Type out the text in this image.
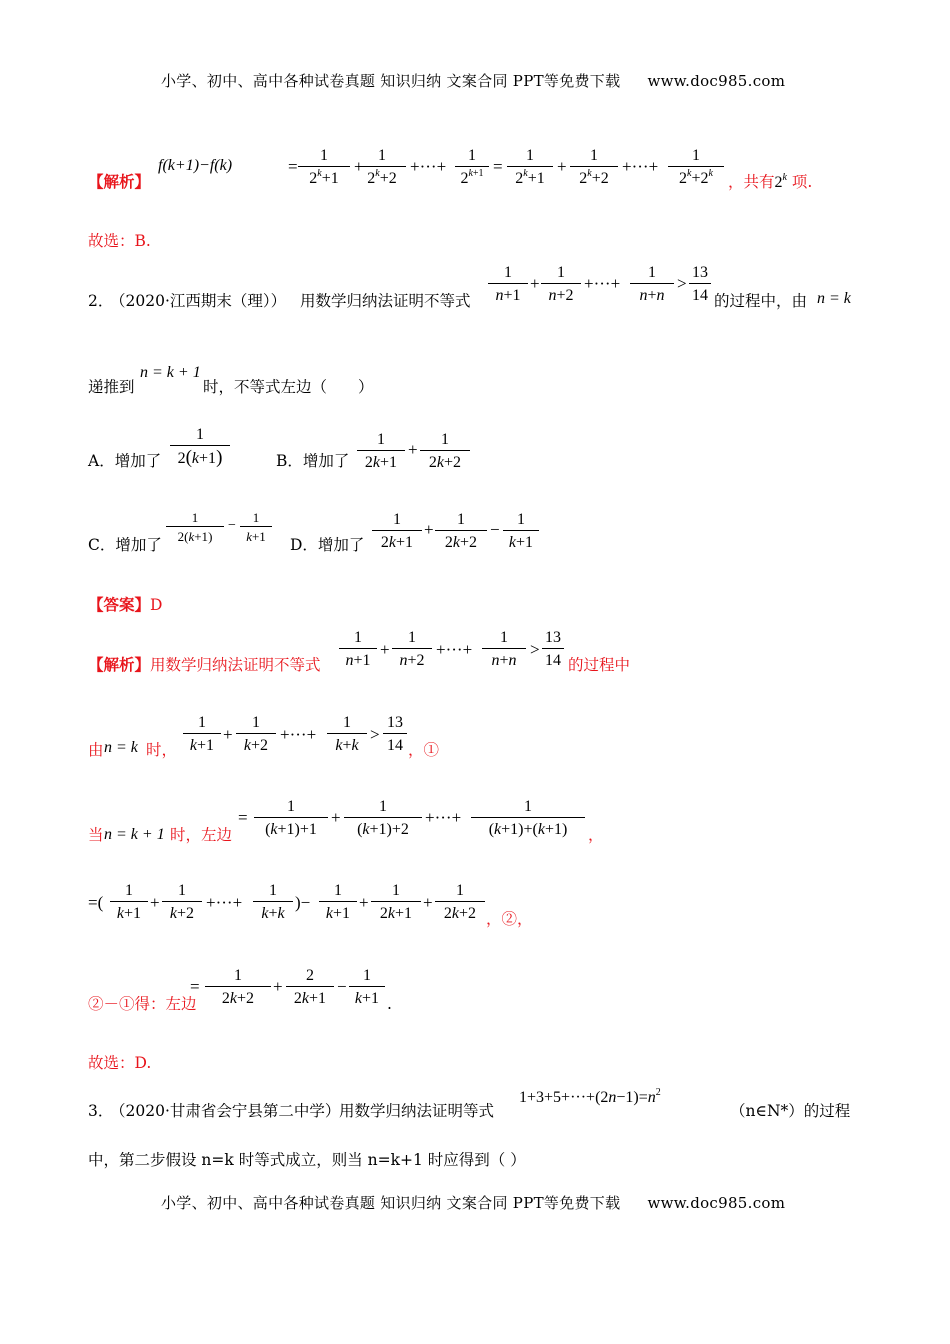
小学、初中、高中各种试卷真题 知识归纳 文案合同 PPT等免费下载 www.doc985.com
【解析】
f(k+1)−f(k)	=
1
$2^k+1$
+
1
$2^k+2$
+···+
1
$2^{k+1}$ =
1
$2^k+1$
+
1
$2^k+2$
+···+
1
$2^k+2^k$ ，共有2$^k$ 项.
故选：B.
2．
（2020·江西期末（理）） 用数学归纳法证明不等式
1
n+1
+
1
n+2
+···+
1
n+n
>
13
14 的过程中，由 n = k
递推到
n = k + 1
时，不等式左边（　　）
A．增加了
1
2(k+1)	B．增加了
1
2k+1
+
1
2k+2
C．增加了
1
2(k+1)
−
1
k+1	D．增加了
1
2k+1
+
1
2k+2
−
1
k+1
【答案】D
【解析】用数学归纳法证明不等式
1
n+1
+
1
n+2
+···+
1
n+n
>
13
14 的过程中
由 n = k 时，
1
k+1
+
1
k+2
+···+
1
k+k
>
13
14 ，①
当 n = k + 1 时，左边
=
1
(k+1)+1
+
1
(k+1)+2
+···+
1
(k+1)+(k+1)	，
=(
1
k+1
+
1
k+2
+···+
1
k+k
)−
1
k+1
+
1
2k+1
+
1
2k+2 ，②，
②－①得：左边
=
1
2k+2
+
2
2k+1
−
1
k+1 .
故选：D.
3．
（2020·甘肃省会宁县第二中学）
用数学归纳法证明等式
$1+3+5+\cdot\cdot\cdot+(2n-1)=n^2$
（n∈N*）的过程
中，第二步假设 n=k 时等式成立，则当 n=k+1 时应得到（ ）
小学、初中、高中各种试卷真题 知识归纳 文案合同 PPT等免费下载 www.doc985.com
